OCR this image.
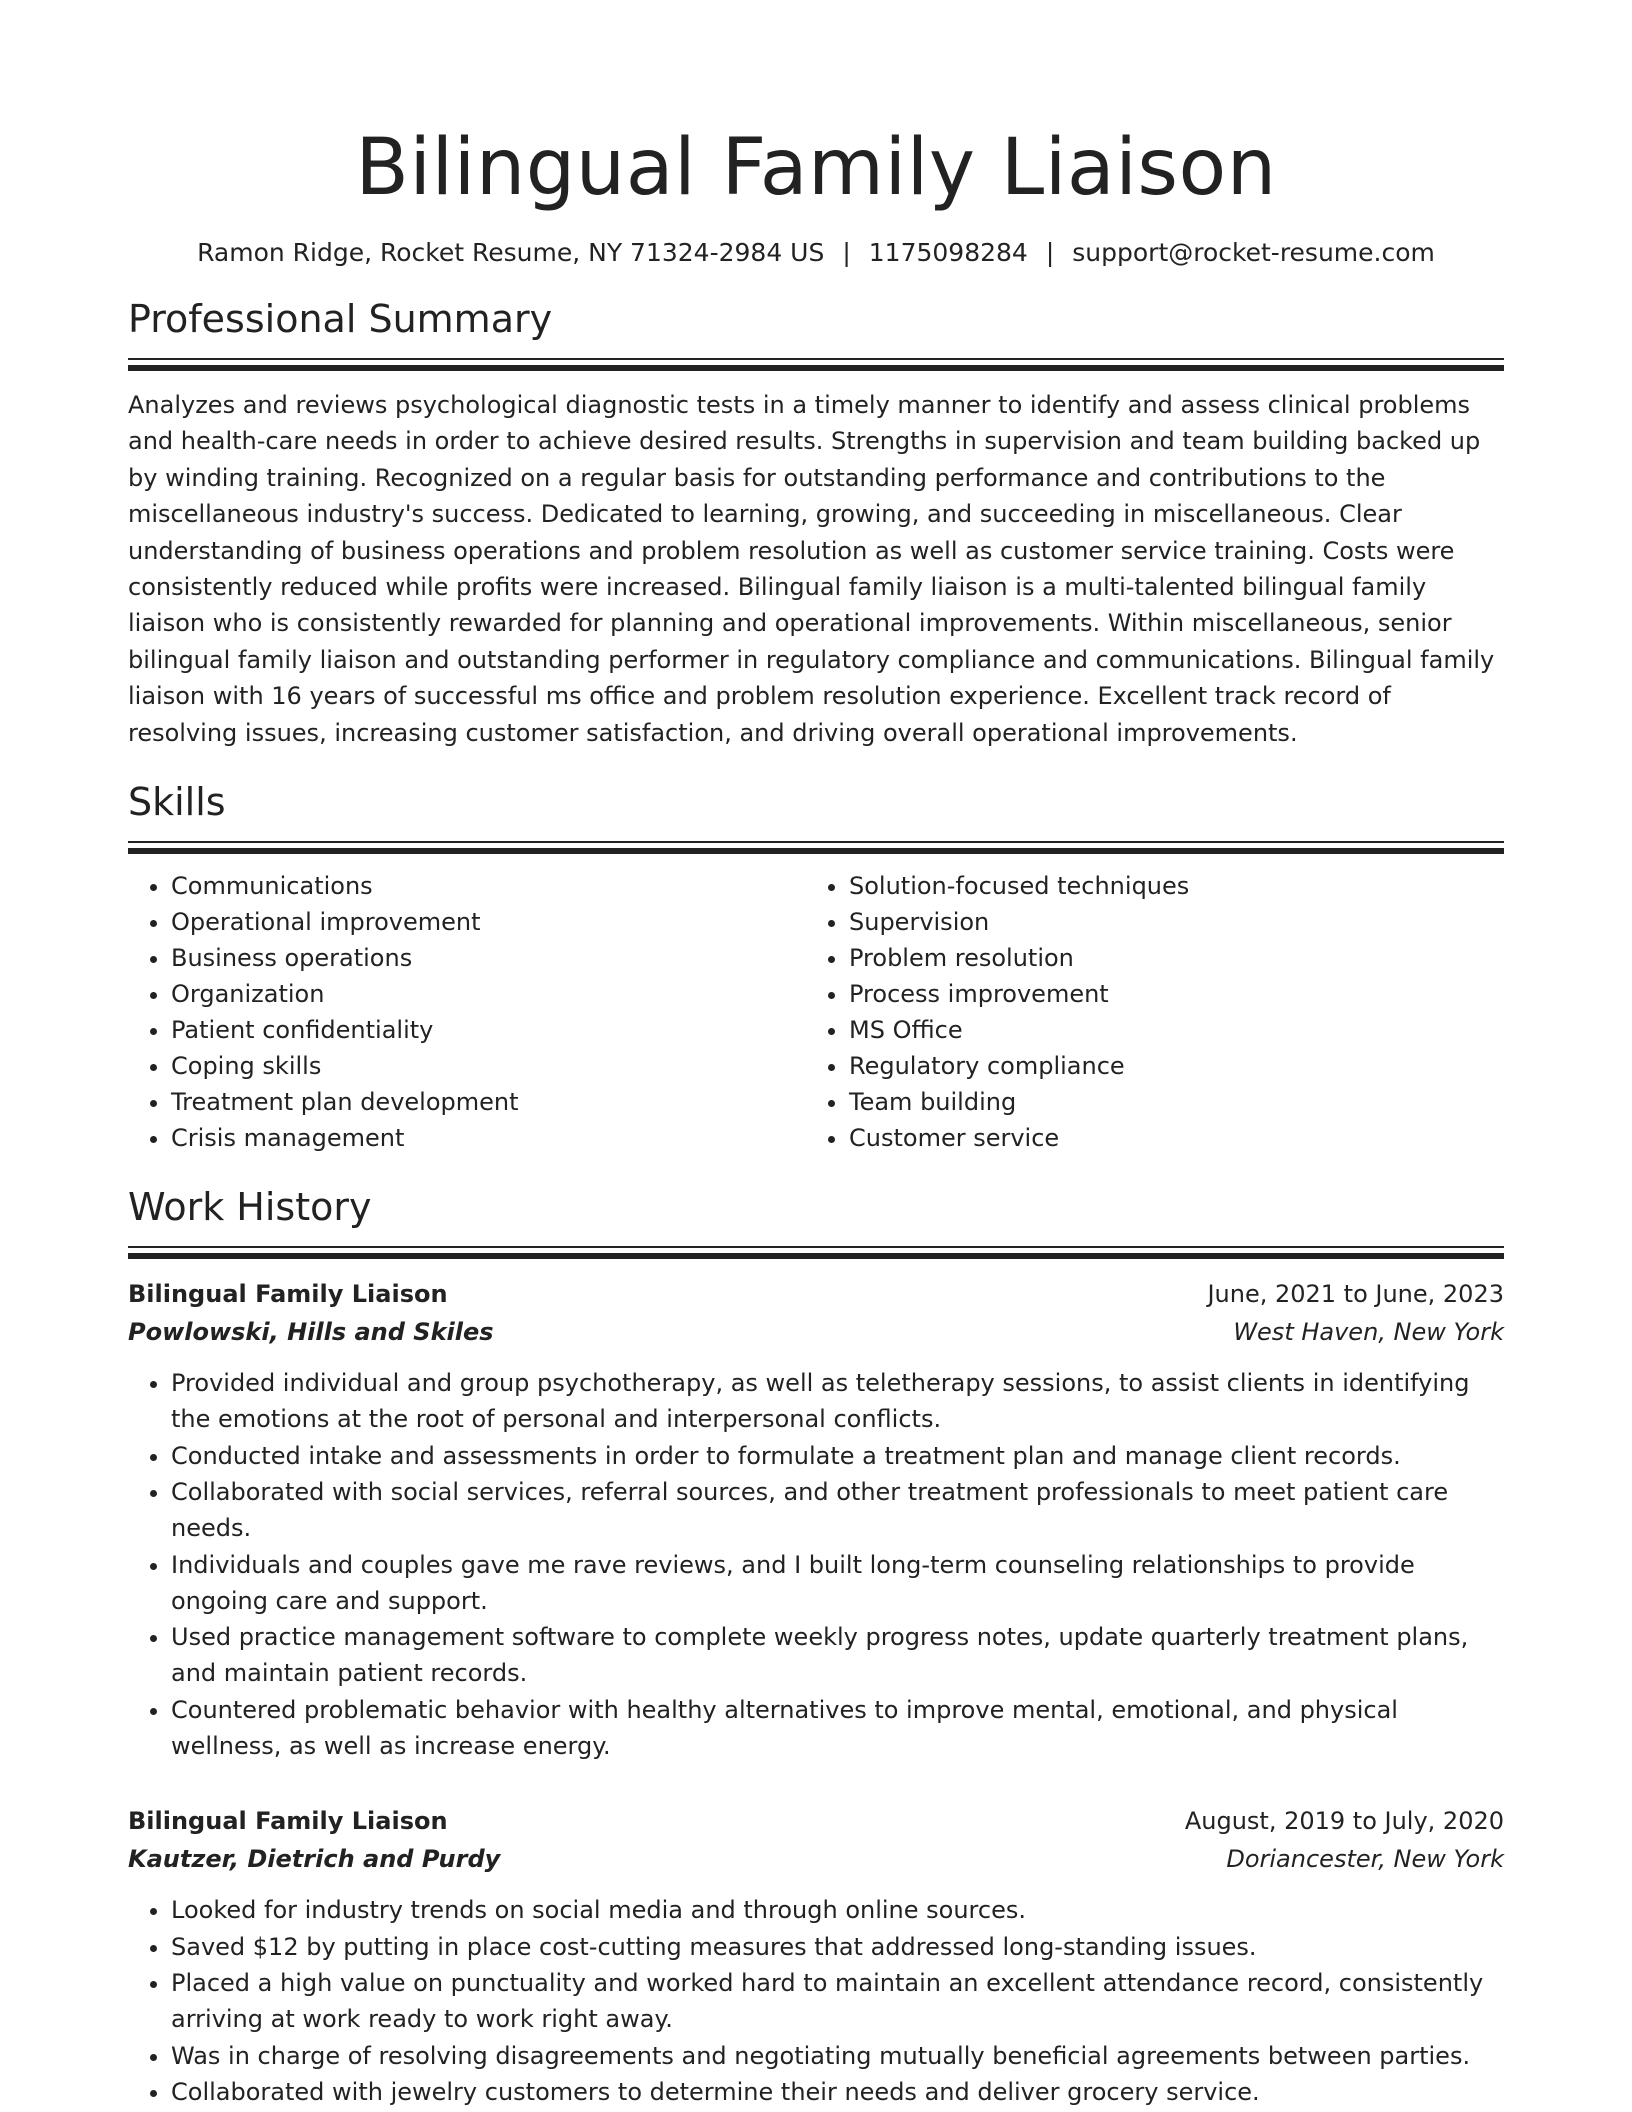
Bilingual Family Liaison
Ramon Ridge, Rocket Resume, NY 71324-2984 US | 1175098284 | support@rocket-resume.com
Professional Summary

Analyzes and reviews psychological diagnostic tests in a timely manner to identify and assess clinical problems and health-care needs in order to achieve desired results. Strengths in supervision and team building backed up by winding training. Recognized on a regular basis for outstanding performance and contributions to the miscellaneous industry's success. Dedicated to learning, growing, and succeeding in miscellaneous. Clear understanding of business operations and problem resolution as well as customer service training. Costs were consistently reduced while profits were increased. Bilingual family liaison is a multi-talented bilingual family liaison who is consistently rewarded for planning and operational improvements. Within miscellaneous, senior bilingual family liaison and outstanding performer in regulatory compliance and communications. Bilingual family liaison with 16 years of successful ms office and problem resolution experience. Excellent track record of resolving issues, increasing customer satisfaction, and driving overall operational improvements.

Skills
• Communications
• Operational improvement
• Business operations
• Organization
• Patient confidentiality
• Coping skills
• Treatment plan development
• Crisis management
• Solution-focused techniques
• Supervision
• Problem resolution
• Process improvement
• MS Office
• Regulatory compliance
• Team building
• Customer service
Work History
Bilingual Family Liaison	June, 2021 to June, 2023
Powlowski, Hills and Skiles	West Haven, New York
• Provided individual and group psychotherapy, as well as teletherapy sessions, to assist clients in identifying the emotions at the root of personal and interpersonal conflicts.
• Conducted intake and assessments in order to formulate a treatment plan and manage client records.
• Collaborated with social services, referral sources, and other treatment professionals to meet patient care needs.
• Individuals and couples gave me rave reviews, and I built long-term counseling relationships to provide ongoing care and support.
• Used practice management software to complete weekly progress notes, update quarterly treatment plans, and maintain patient records.
• Countered problematic behavior with healthy alternatives to improve mental, emotional, and physical wellness, as well as increase energy.
Bilingual Family Liaison	August, 2019 to July, 2020
Kautzer, Dietrich and Purdy	Doriancester, New York
• Looked for industry trends on social media and through online sources.
• Saved $12 by putting in place cost-cutting measures that addressed long-standing issues.
• Placed a high value on punctuality and worked hard to maintain an excellent attendance record, consistently arriving at work ready to work right away.
• Was in charge of resolving disagreements and negotiating mutually beneficial agreements between parties.
• Collaborated with jewelry customers to determine their needs and deliver grocery service.
